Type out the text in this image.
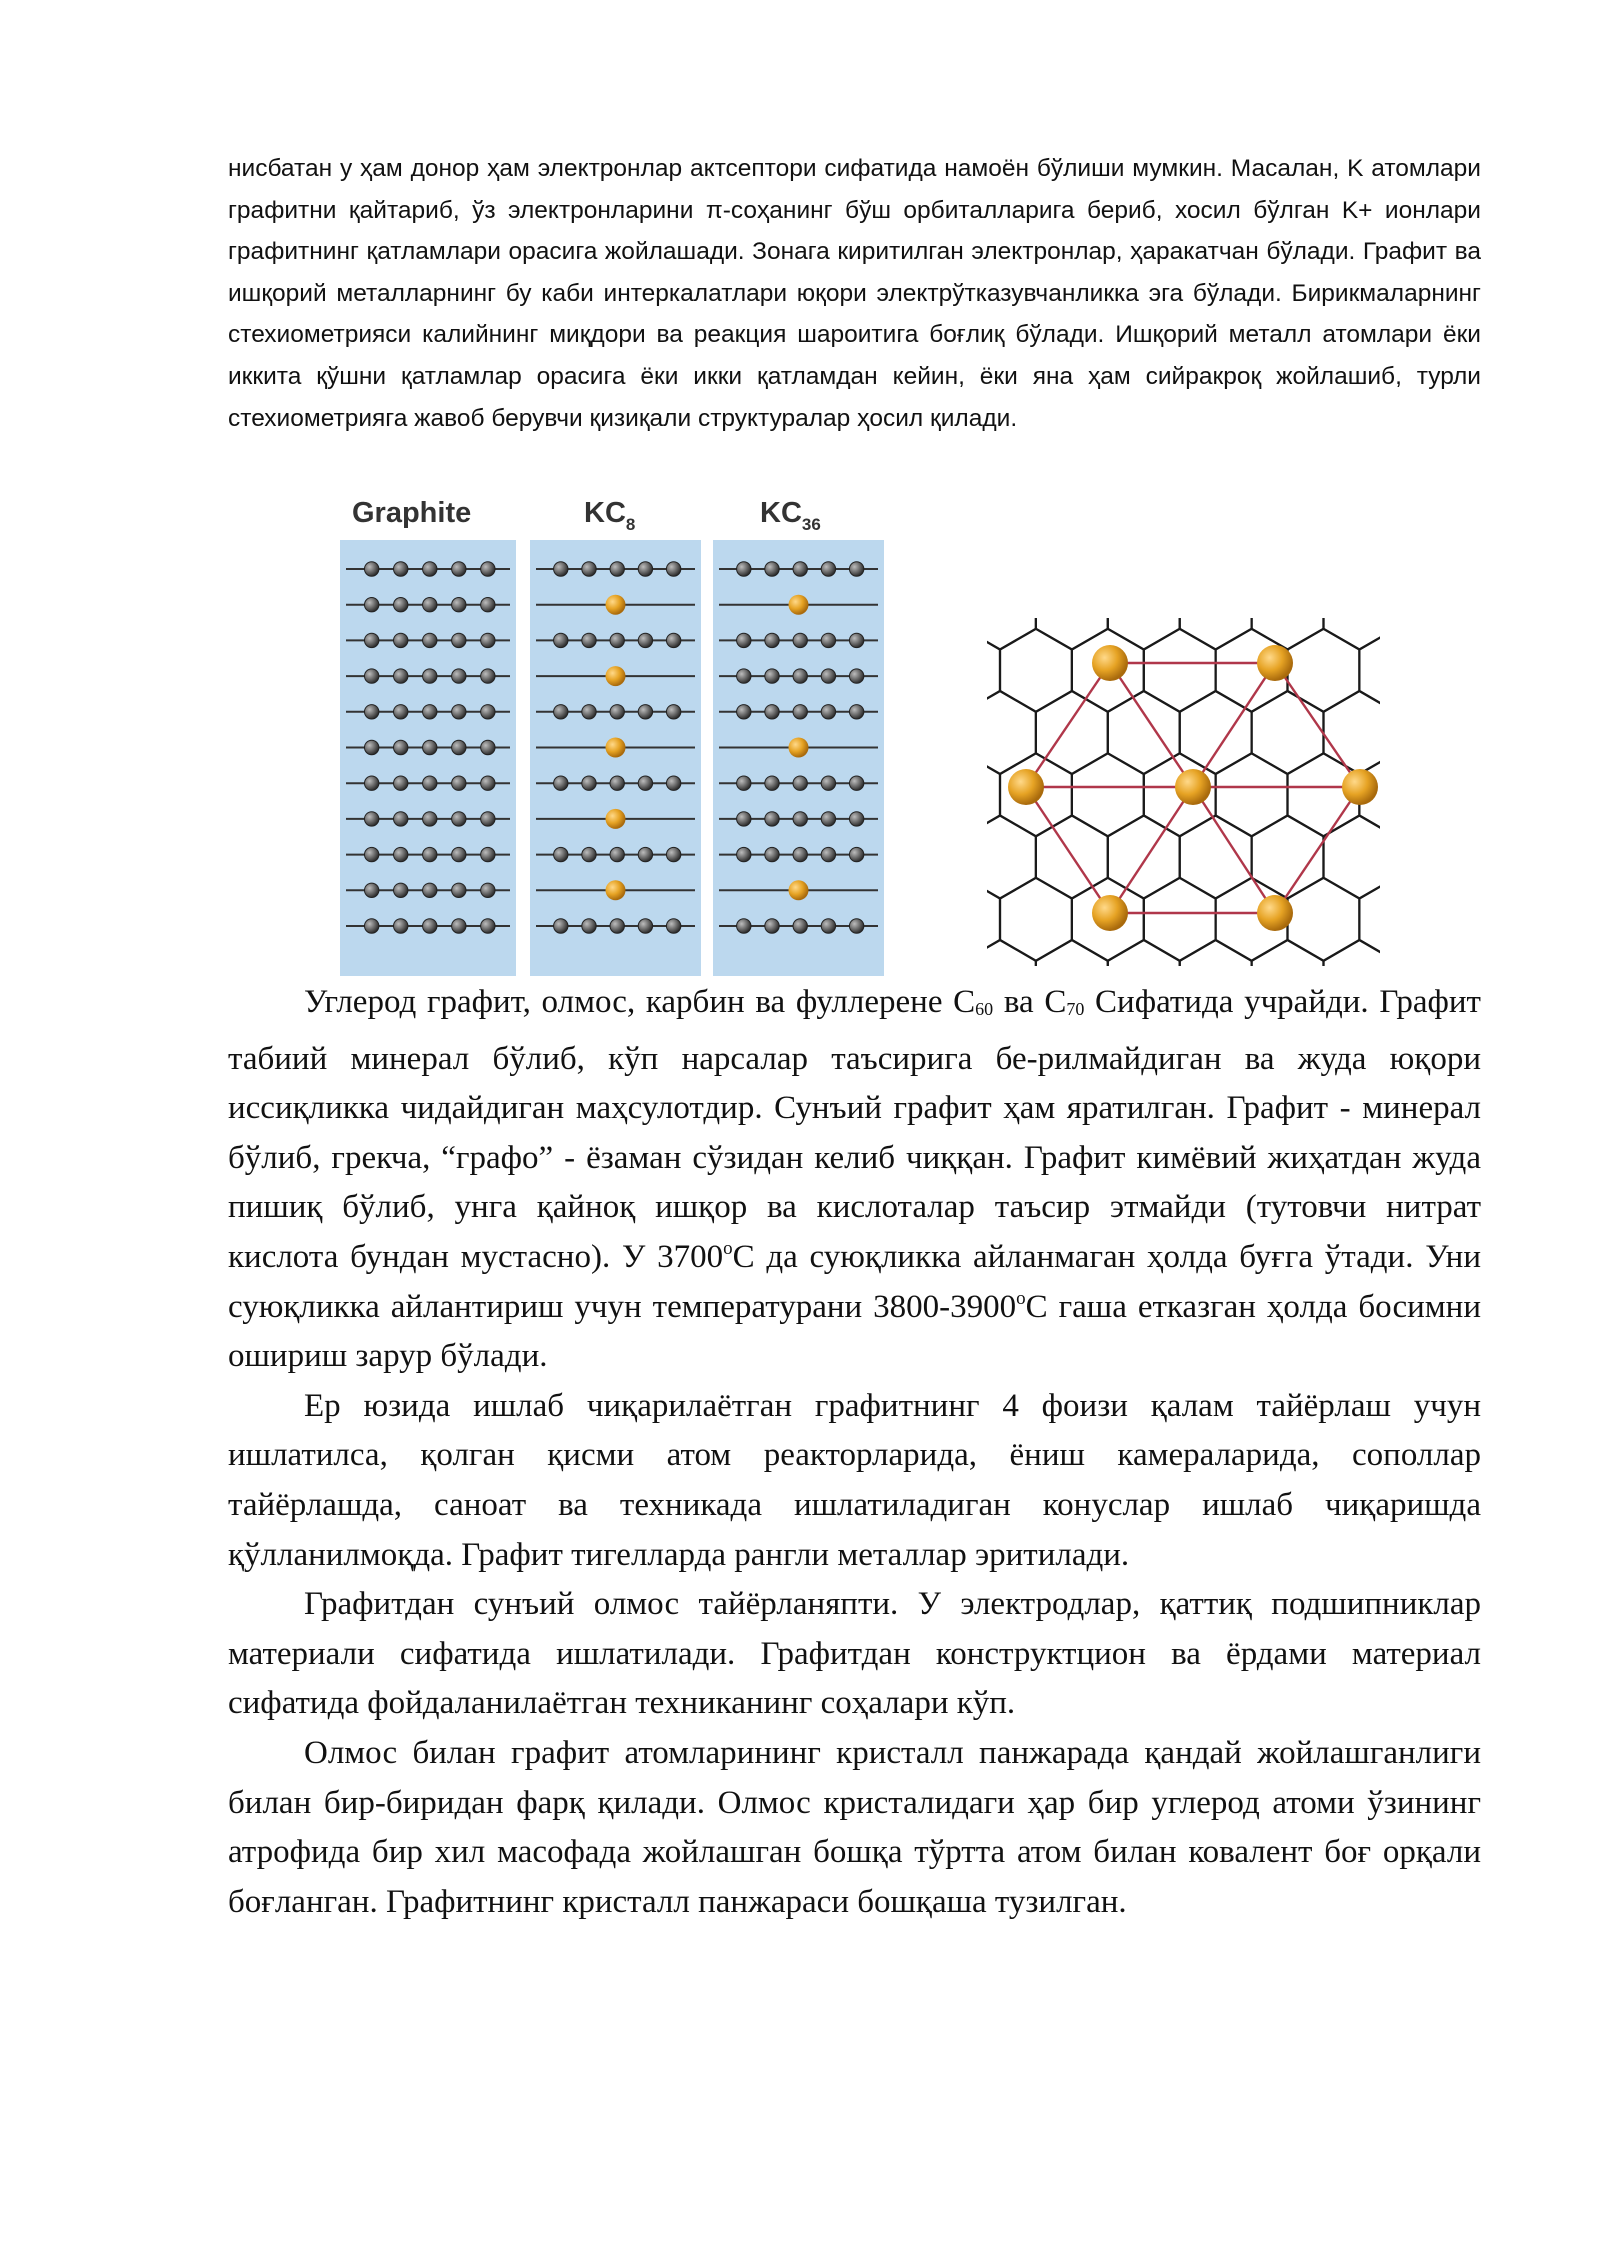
нисбатан у ҳам донор ҳам электронлар актсептори сифатида намоён бўлиши мумкин. Масалан, K атомлари графитни қайтариб, ўз электронларини π-соҳанинг бўш орбиталларига бериб, хосил бўлган K+ ионлари графитнинг қатламлари орасига жойлашади. Зонага киритилган электронлар, ҳаракатчан бўлади. Графит ва ишқорий металларнинг бу каби интеркалатлари юқори электрўтказувчанликка эга бўлади. Бирикмаларнинг стехиометрияси калийнинг миқдори ва реакция шароитига боғлиқ бўлади. Ишқорий металл атомлари ёки иккита қўшни қатламлар орасига ёки икки қатламдан кейин, ёки яна ҳам сийракроқ жойлашиб, турли стехиометрияга жавоб берувчи қизиқали структуралар ҳосил қилади.

Graphite	$KC_8$	$KC_{36}$

Углерод графит, олмос, карбин ва фуллерене $С_{60}$ ва $С_{70}$ Сифатида учрайди. Графит табиий минерал бўлиб, кўп нарсалар таъсирига бе-рилмайдиган ва жуда юқори иссиқликка чидайдиган маҳсулотдир. Сунъий графит ҳам яратилган. Графит - минерал бўлиб, грекча, “графо” - ёзаман сўзидан келиб чиққан. Графит кимёвий жиҳатдан жуда пишиқ бўлиб, унга қайноқ ишқор ва кислоталар таъсир этмайди (тутовчи нитрат кислота бундан мустасно). У $3700^оС$ да суюқликка айланмаган ҳолда буғга ўтади. Уни суюқликка айлантириш учун температурани $3800-3900^оС$ гаша етказган ҳолда босимни ошириш зарур бўлади.

Ер юзида ишлаб чиқарилаётган графитнинг 4 фоизи қалам тайёрлаш учун ишлатилса, қолган қисми атом реакторларида, ёниш камераларида, сополлар тайёрлашда, саноат ва техникада ишлатиладиган конуслар ишлаб чиқаришда қўлланилмоқда. Графит тигелларда рангли металлар эритилади.

Графитдан сунъий олмос тайёрланяпти. У электродлар, қаттиқ подшипниклар материали сифатида ишлатилади. Графитдан конструктцион ва ёрдами материал сифатида фойдаланилаётган техниканинг соҳалари кўп.

Олмос билан графит атомларининг кристалл панжарада қандай жойлашганлиги билан бир-биридан фарқ қилади. Олмос кристалидаги ҳар бир углерод атоми ўзининг атрофида бир хил масофада жойлашган бошқа тўртта атом билан ковалент боғ орқали боғланган. Графитнинг кристалл панжараси бошқаша тузилган.
